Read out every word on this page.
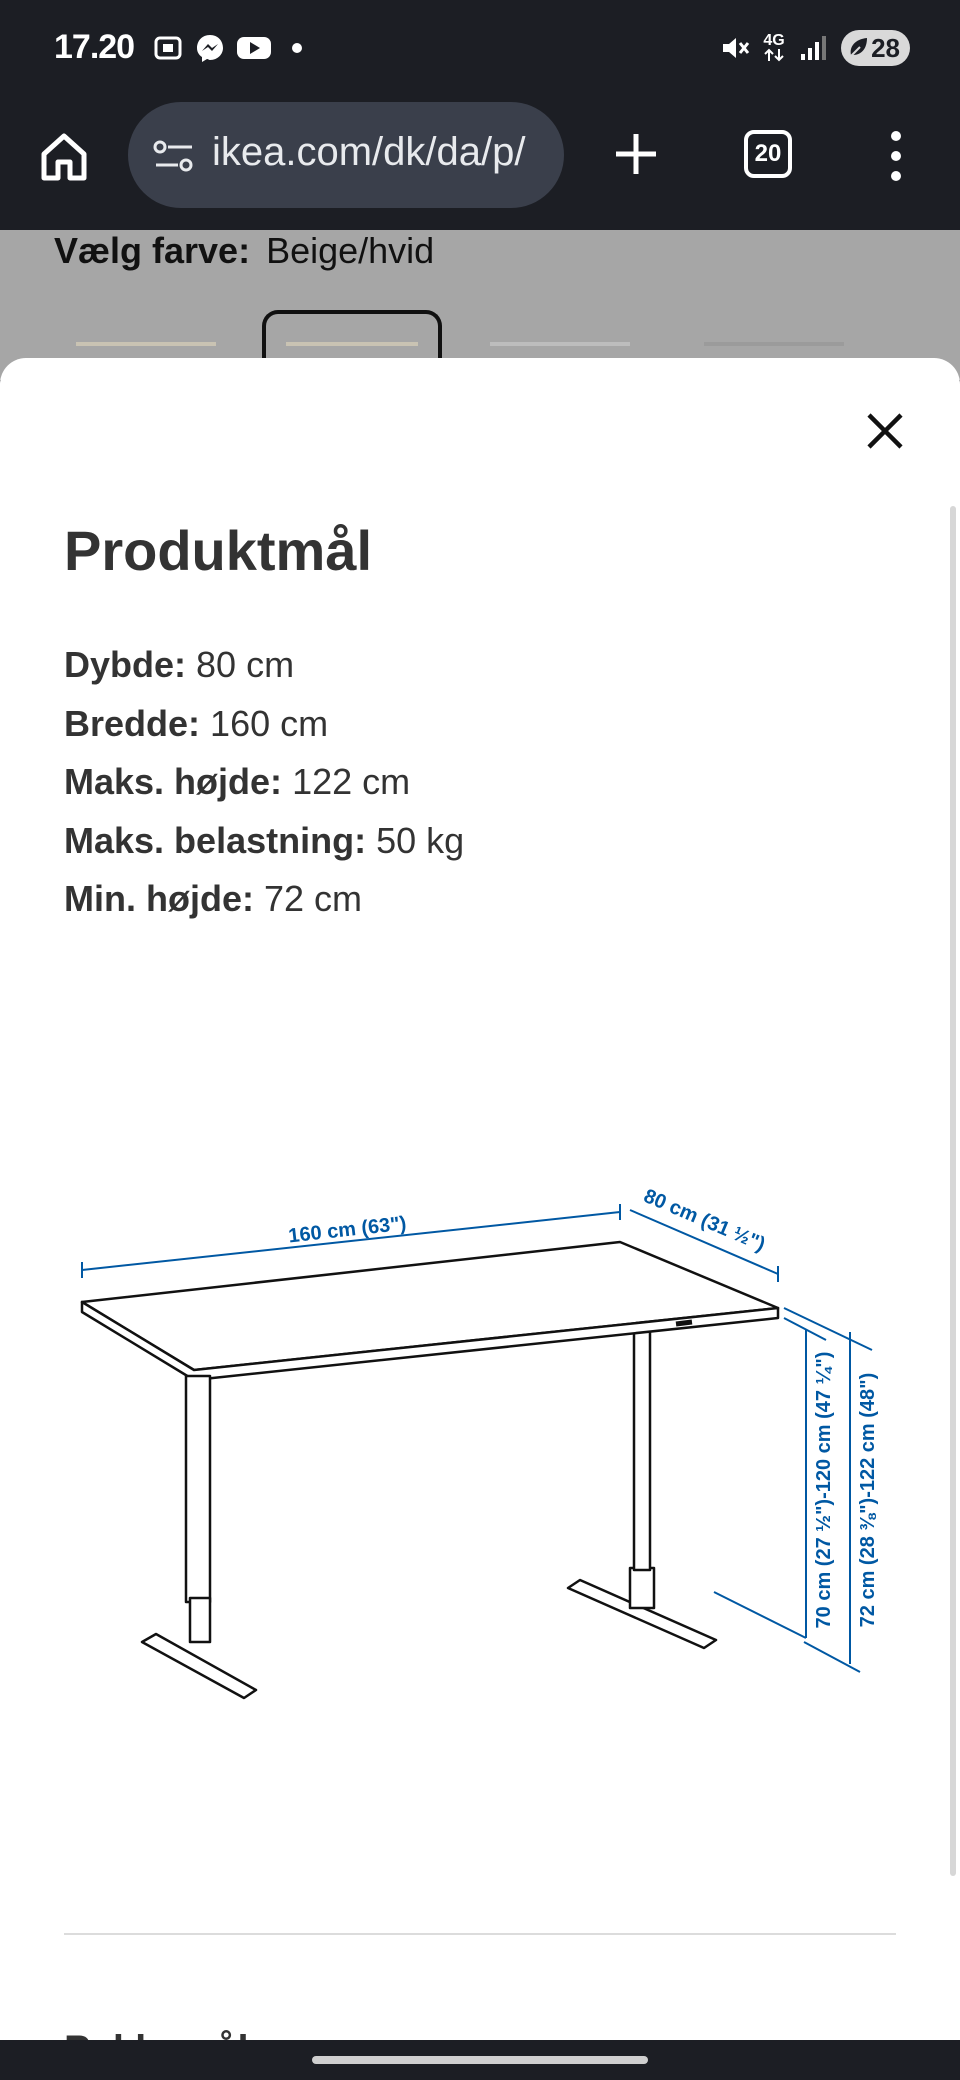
17.20	4G	28
ikea.com/dk/da/p/	20
Vælg farve: Beige/hvid
Produktmål
Dybde: 80 cm
Bredde: 160 cm
Maks. højde: 122 cm
Maks. belastning: 50 kg
Min. højde: 72 cm
160 cm (63")	80 cm (31 ½")
70 cm (27 ½")-120 cm (47 ¼") 72 cm (28 ⅜")-122 cm (48")
